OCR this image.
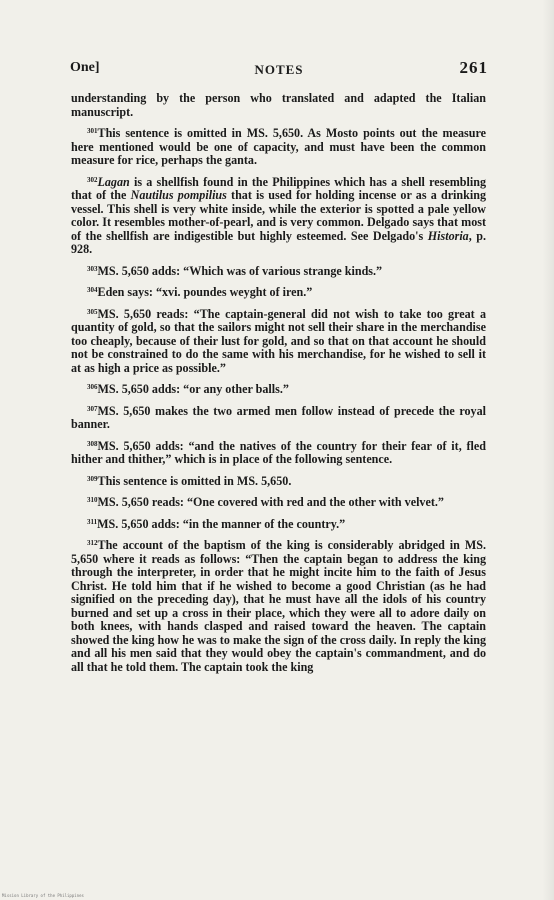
One]	NOTES	261

understanding by the person who translated and adapted the Italian manuscript.

$^{301}$This sentence is omitted in MS. 5,650. As Mosto points out the measure here mentioned would be one of capacity, and must have been the common measure for rice, perhaps the ganta.

$^{302}$Lagan is a shellfish found in the Philippines which has a shell resembling that of the Nautilus pompilius that is used for holding incense or as a drinking vessel. This shell is very white inside, while the exterior is spotted a pale yellow color. It resembles mother-of-pearl, and is very common. Delgado says that most of the shellfish are indigestible but highly esteemed. See Delgado's Historia, p. 928.

$^{303}$MS. 5,650 adds: “Which was of various strange kinds.”

$^{304}$Eden says: “xvi. poundes weyght of iren.”

$^{305}$MS. 5,650 reads: “The captain-general did not wish to take too great a quantity of gold, so that the sailors might not sell their share in the merchandise too cheaply, because of their lust for gold, and so that on that account he should not be constrained to do the same with his merchandise, for he wished to sell it at as high a price as possible.”

$^{306}$MS. 5,650 adds: “or any other balls.”

$^{307}$MS. 5,650 makes the two armed men follow instead of precede the royal banner.

$^{308}$MS. 5,650 adds: “and the natives of the country for their fear of it, fled hither and thither,” which is in place of the following sentence.

$^{309}$This sentence is omitted in MS. 5,650.

$^{310}$MS. 5,650 reads: “One covered with red and the other with velvet.”

$^{311}$MS. 5,650 adds: “in the manner of the country.”

$^{312}$The account of the baptism of the king is considerably abridged in MS. 5,650 where it reads as follows: “Then the captain began to address the king through the interpreter, in order that he might incite him to the faith of Jesus Christ. He told him that if he wished to become a good Christian (as he had signified on the preceding day), that he must have all the idols of his country burned and set up a cross in their place, which they were all to adore daily on both knees, with hands clasped and raised toward the heaven. The captain showed the king how he was to make the sign of the cross daily. In reply the king and all his men said that they would obey the captain's commandment, and do all that he told them. The captain took the king

Mission Library of the Philippines
